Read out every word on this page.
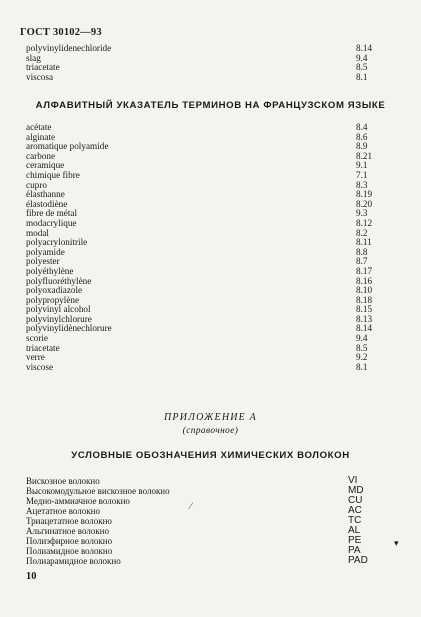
ГОСТ 30102—93
polyvinylidenechloride	8.14
slag	9.4
triacetate	8.5
viscosa	8.1
АЛФАВИТНЫЙ УКАЗАТЕЛЬ ТЕРМИНОВ НА ФРАНЦУЗСКОМ ЯЗЫКЕ
acétate	8.4
alginate	8.6
aromatique polyamide	8.9
carbone	8.21
ceramique	9.1
chimique fibre	7.1
cupro	8.3
élasthanne	8.19
élastodiène	8.20
fibre de métal	9.3
modacrylique	8.12
modal	8.2
polyacrylonitrile	8.11
polyamide	8.8
polyester	8.7
polyéthylène	8.17
polyfluoréthylène	8.16
polyoxadiazole	8.10
polypropylène	8.18
polyvinyl alcohol	8.15
polyvinylchlorure	8.13
polyvinylidènechlorure	8.14
scorie	9.4
triacetate	8.5
verre	9.2
viscose	8.1
ПРИЛОЖЕНИЕ А
(справочное)
УСЛОВНЫЕ ОБОЗНАЧЕНИЯ ХИМИЧЕСКИХ ВОЛОКОН
Вискозное волокно	VI
Высокомодульное вискозное волокно	MD
Медно-аммиачное волокно	CU
Ацетатное волокно	AC
Триацетатное волокно	TC
Альгинатное волокно	AL
Полиэфирное волокно	PE
Полиамидное волокно	PA
Полиарамидное волокно	PAD
⁄
▾
10
